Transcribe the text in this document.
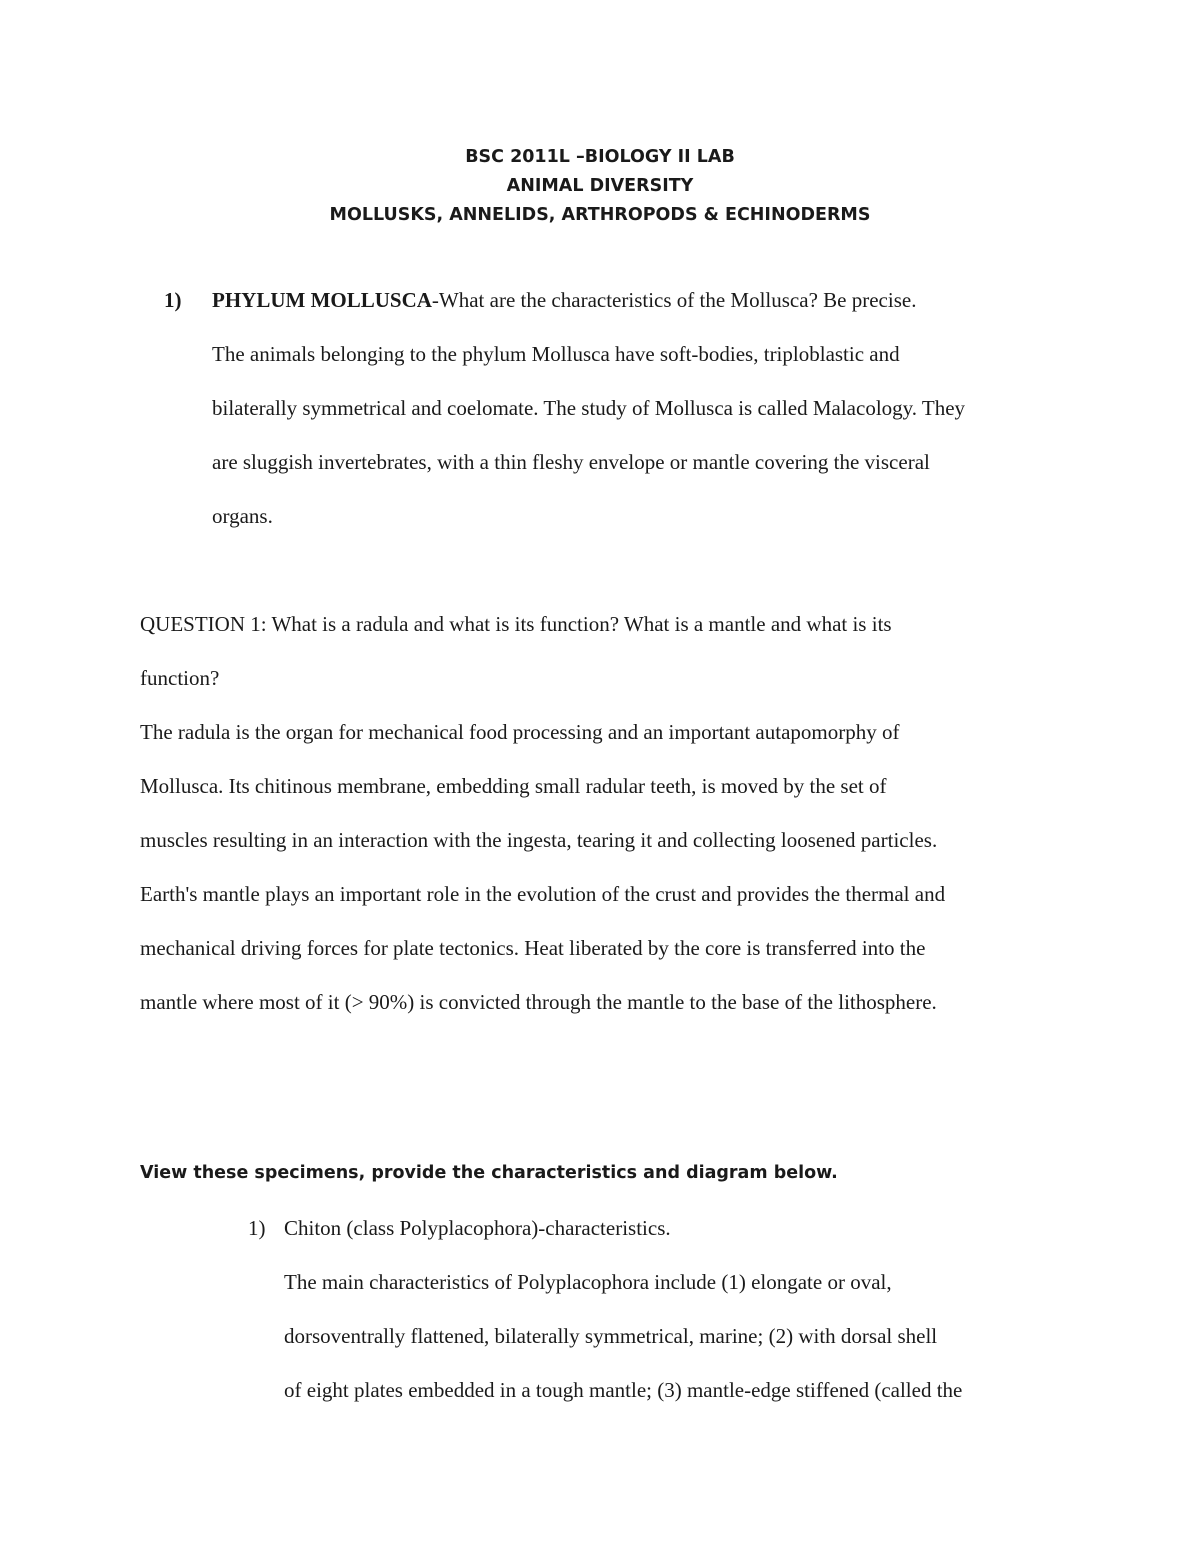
BSC 2011L –BIOLOGY II LAB
ANIMAL DIVERSITY
MOLLUSKS, ANNELIDS, ARTHROPODS & ECHINODERMS
1) PHYLUM MOLLUSCA-What are the characteristics of the Mollusca? Be precise.
The animals belonging to the phylum Mollusca have soft-bodies, triploblastic and
bilaterally symmetrical and coelomate. The study of Mollusca is called Malacology. They
are sluggish invertebrates, with a thin fleshy envelope or mantle covering the visceral
organs.
QUESTION 1: What is a radula and what is its function? What is a mantle and what is its
function?
The radula is the organ for mechanical food processing and an important autapomorphy of
Mollusca. Its chitinous membrane, embedding small radular teeth, is moved by the set of
muscles resulting in an interaction with the ingesta, tearing it and collecting loosened particles.
Earth's mantle plays an important role in the evolution of the crust and provides the thermal and
mechanical driving forces for plate tectonics. Heat liberated by the core is transferred into the
mantle where most of it (> 90%) is convicted through the mantle to the base of the lithosphere.
View these specimens, provide the characteristics and diagram below.
1) Chiton (class Polyplacophora)-characteristics.
The main characteristics of Polyplacophora include (1) elongate or oval,
dorsoventrally flattened, bilaterally symmetrical, marine; (2) with dorsal shell
of eight plates embedded in a tough mantle; (3) mantle-edge stiffened (called the
